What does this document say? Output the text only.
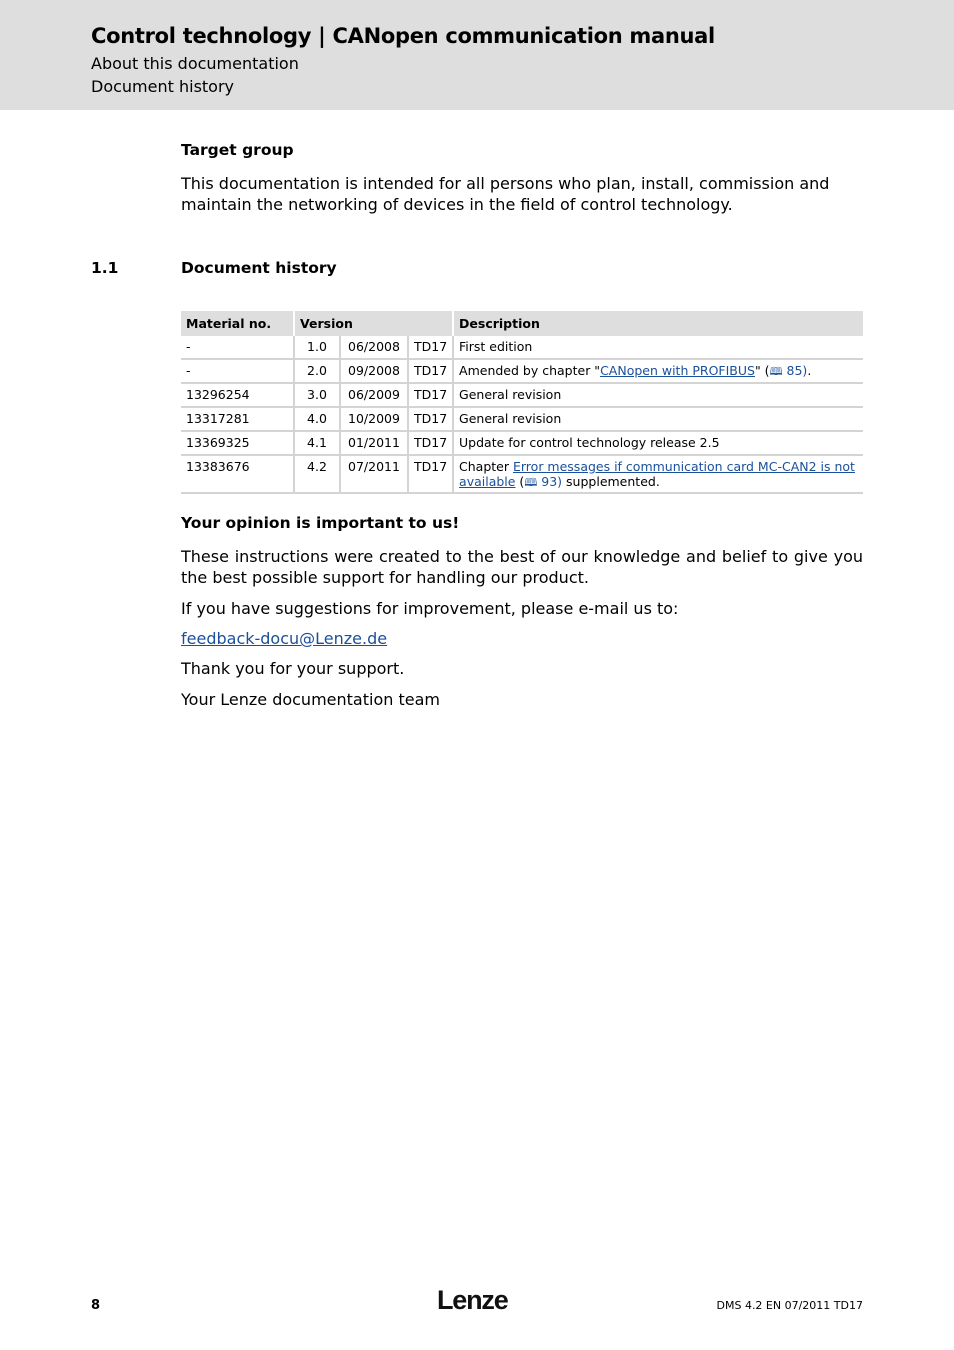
Control technology | CANopen communication manual
About this documentation
Document history
Target group
This documentation is intended for all persons who plan, install, commission and maintain the networking of devices in the field of control technology.
1.1	Document history
Material no.	Version			Description
-	1.0	06/2008	TD17	First edition
-	2.0	09/2008	TD17	Amended by chapter "CANopen with PROFIBUS" (🕮 85).
13296254	3.0	06/2009	TD17	General revision
13317281	4.0	10/2009	TD17	General revision
13369325	4.1	01/2011	TD17	Update for control technology release 2.5
13383676	4.2	07/2011	TD17	Chapter Error messages if communication card MC-CAN2 is not available (🕮 93) supplemented.
Your opinion is important to us!
These instructions were created to the best of our knowledge and belief to give you the best possible support for handling our product.
If you have suggestions for improvement, please e-mail us to:
feedback-docu@Lenze.de
Thank you for your support.
Your Lenze documentation team
8	Lenze	DMS 4.2 EN 07/2011 TD17
